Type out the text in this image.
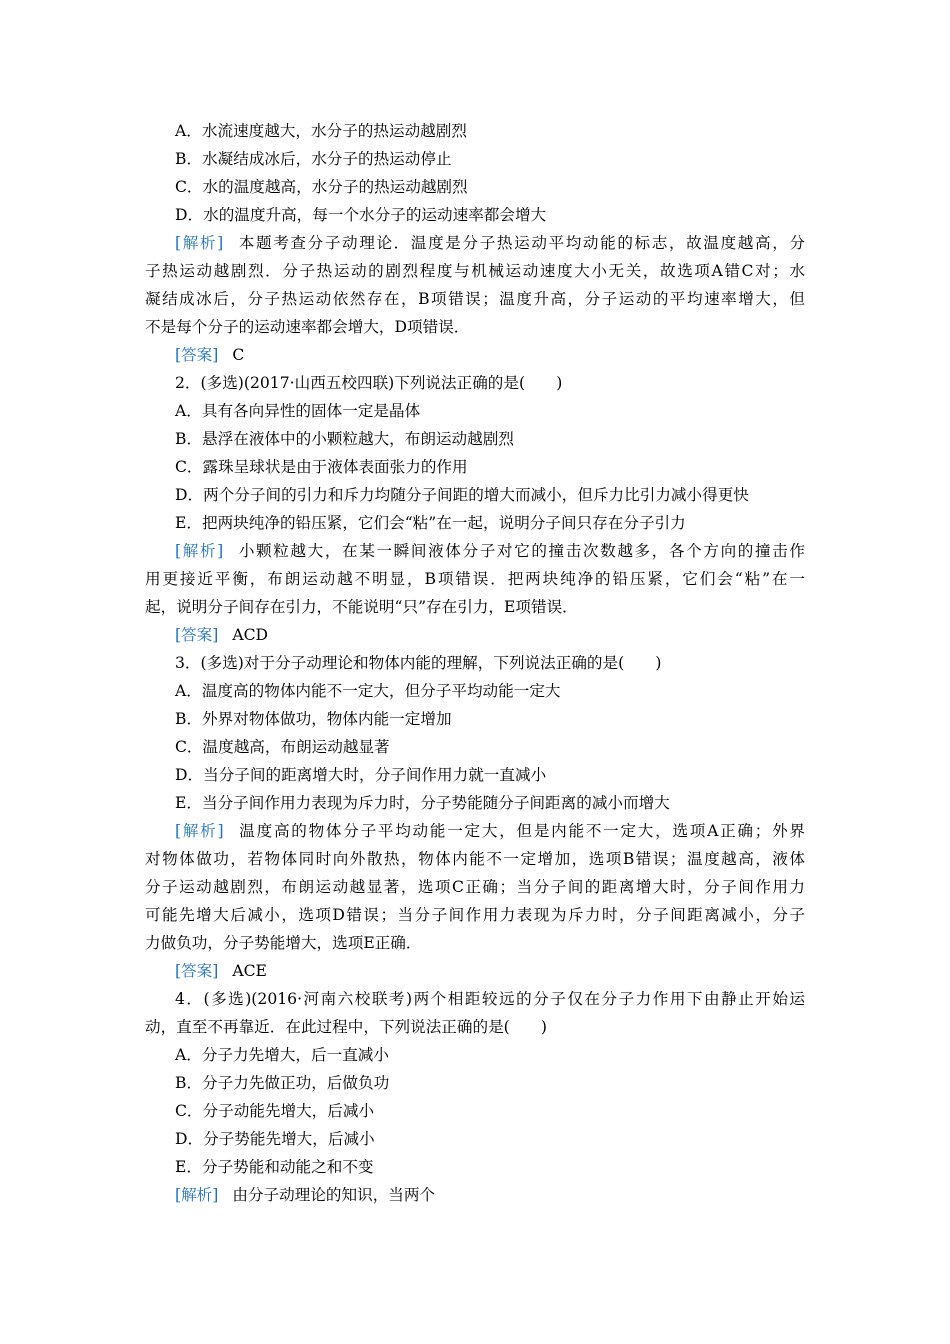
A．水流速度越大，水分子的热运动越剧烈
B．水凝结成冰后，水分子的热运动停止
C．水的温度越高，水分子的热运动越剧烈
D．水的温度升高，每一个水分子的运动速率都会增大
[解析] 本题考查分子动理论．温度是分子热运动平均动能的标志，故温度越高，分
子热运动越剧烈．分子热运动的剧烈程度与机械运动速度大小无关，故选项A错C对；水
凝结成冰后，分子热运动依然存在，B项错误；温度升高，分子运动的平均速率增大，但
不是每个分子的运动速率都会增大，D项错误．
[答案] C
2．(多选)(2017·山西五校四联)下列说法正确的是(　　)
A．具有各向异性的固体一定是晶体
B．悬浮在液体中的小颗粒越大，布朗运动越剧烈
C．露珠呈球状是由于液体表面张力的作用
D．两个分子间的引力和斥力均随分子间距的增大而减小，但斥力比引力减小得更快
E．把两块纯净的铅压紧，它们会“粘”在一起，说明分子间只存在分子引力
[解析] 小颗粒越大，在某一瞬间液体分子对它的撞击次数越多，各个方向的撞击作
用更接近平衡，布朗运动越不明显，B项错误．把两块纯净的铅压紧，它们会“粘”在一
起，说明分子间存在引力，不能说明“只”存在引力，E项错误．
[答案] ACD
3．(多选)对于分子动理论和物体内能的理解，下列说法正确的是(　　)
A．温度高的物体内能不一定大，但分子平均动能一定大
B．外界对物体做功，物体内能一定增加
C．温度越高，布朗运动越显著
D．当分子间的距离增大时，分子间作用力就一直减小
E．当分子间作用力表现为斥力时，分子势能随分子间距离的减小而增大
[解析] 温度高的物体分子平均动能一定大，但是内能不一定大，选项A正确；外界
对物体做功，若物体同时向外散热，物体内能不一定增加，选项B错误；温度越高，液体
分子运动越剧烈，布朗运动越显著，选项C正确；当分子间的距离增大时，分子间作用力
可能先增大后减小，选项D错误；当分子间作用力表现为斥力时，分子间距离减小，分子
力做负功，分子势能增大，选项E正确．
[答案] ACE
4．(多选)(2016·河南六校联考)两个相距较远的分子仅在分子力作用下由静止开始运
动，直至不再靠近．在此过程中，下列说法正确的是(　　)
A．分子力先增大，后一直减小
B．分子力先做正功，后做负功
C．分子动能先增大，后减小
D．分子势能先增大，后减小
E．分子势能和动能之和不变
[解析] 由分子动理论的知识，当两个
